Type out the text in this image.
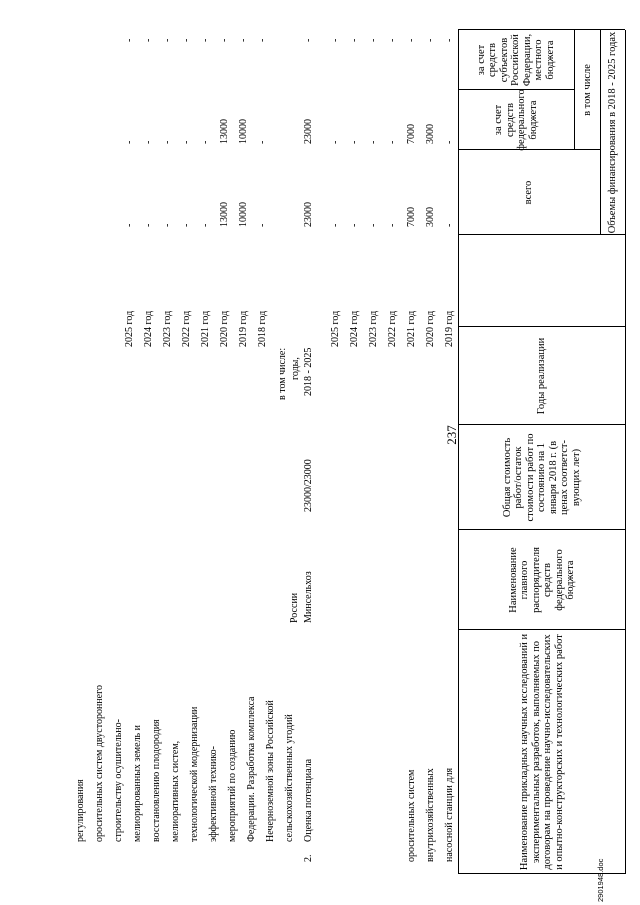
237
Наименование прикладных научных исследований и экспериментальных разработок, выполняемых по договорам на проведение научно-исследовательских и опытно-конструкторских и технологических работ
Наименование главного распорядителя средств федерального бюджета
Общая стоимость работ/остаток стоимости работ по состоянию на 1 января 2018 г. (в ценах соответст-вующих лет)
Годы реализации
Объемы финансирования в 2018 - 2025 годах
всего
в том числе
за счет средств федерального бюджета
за счет средств субъектов Российской Федерации, местного бюджета
насосной станции для
внутрихозяйственных
оросительных систем
2019 год
2020 год
2021 год
2022 год
2023 год
2024 год
2025 год
-
3000
7000
-
-
-
-
-
3000
7000
-
-
-
-
-
-
-
-
-
-
-
2.
Оценка потенциала
сельскохозяйственных угодий
Нечерноземной зоны Российской
Федерации. Разработка комплекса
мероприятий по созданию
эффективной технико-
технологической модернизации
мелиоративных систем,
восстановлению плодородия
мелиорированных земель и
строительству осушительно-
оросительных систем двустороннего
регулирования
Минсельхоз
России
23000/23000
2018 - 2025
годы,
в том числе:
23000
23000
-
2018 год
2019 год
2020 год
2021 год
2022 год
2023 год
2024 год
2025 год
-
10000
13000
-
-
-
-
-
-
10000
13000
-
-
-
-
-
-
-
-
-
-
-
-
-
2901948.doc
